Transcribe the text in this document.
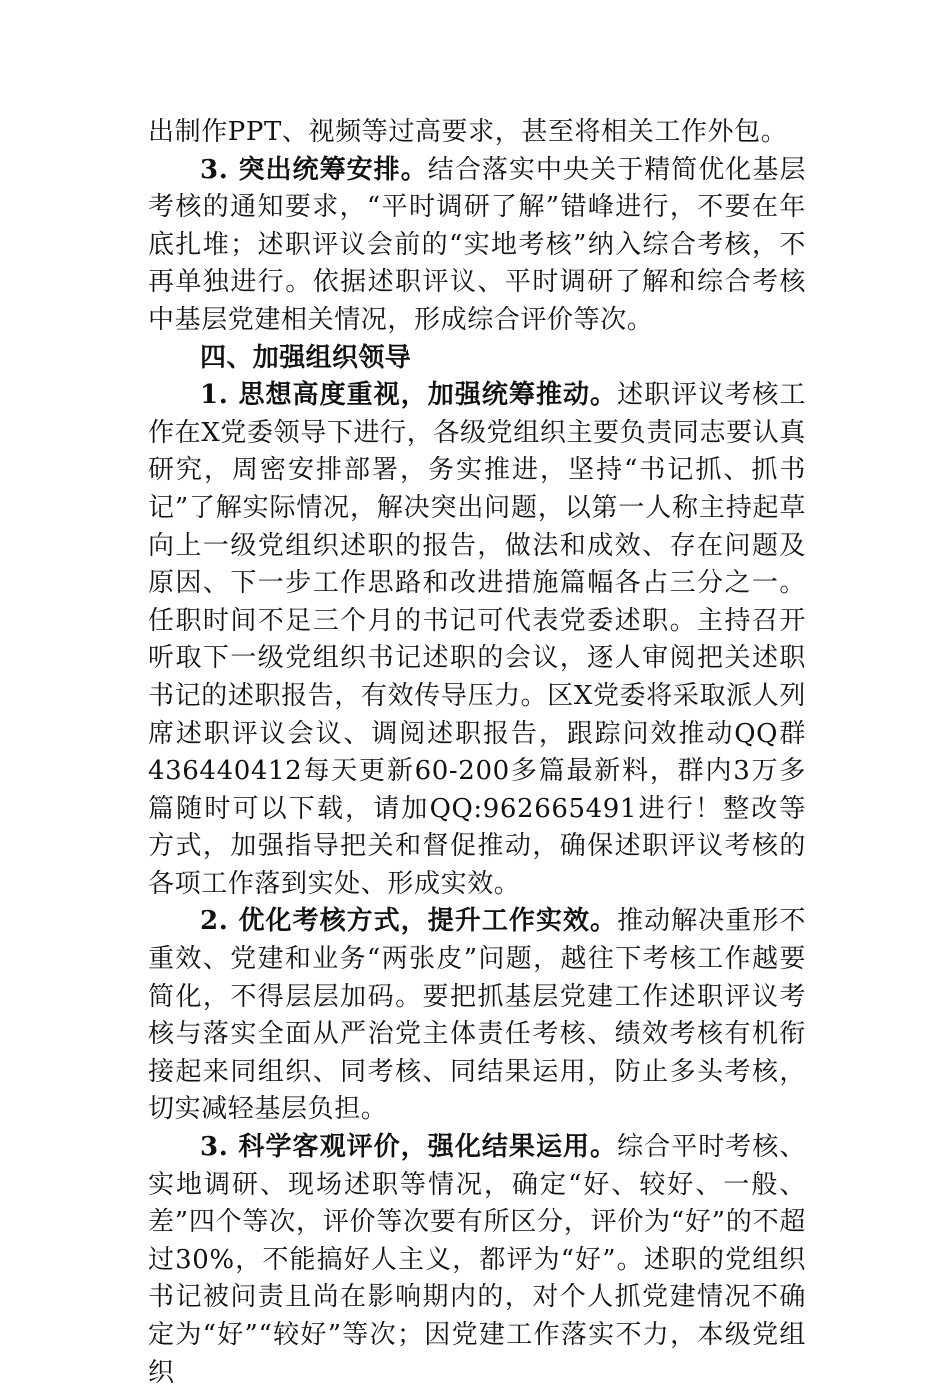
出制作PPT、视频等过高要求，甚至将相关工作外包。

3. 突出统筹安排。结合落实中央关于精简优化基层考核的通知要求，“平时调研了解”错峰进行，不要在年底扎堆；述职评议会前的“实地考核”纳入综合考核，不再单独进行。依据述职评议、平时调研了解和综合考核中基层党建相关情况，形成综合评价等次。

四、加强组织领导

1. 思想高度重视，加强统筹推动。述职评议考核工作在X党委领导下进行，各级党组织主要负责同志要认真研究，周密安排部署，务实推进，坚持“书记抓、抓书记”了解实际情况，解决突出问题，以第一人称主持起草向上一级党组织述职的报告，做法和成效、存在问题及原因、下一步工作思路和改进措施篇幅各占三分之一。任职时间不足三个月的书记可代表党委述职。主持召开听取下一级党组织书记述职的会议，逐人审阅把关述职书记的述职报告，有效传导压力。区X党委将采取派人列席述职评议会议、调阅述职报告，跟踪问效推动QQ群436440412每天更新60-200多篇最新料，群内3万多篇随时可以下载，请加QQ:962665491进行！整改等方式，加强指导把关和督促推动，确保述职评议考核的各项工作落到实处、形成实效。

2. 优化考核方式，提升工作实效。推动解决重形不重效、党建和业务“两张皮”问题，越往下考核工作越要简化，不得层层加码。要把抓基层党建工作述职评议考核与落实全面从严治党主体责任考核、绩效考核有机衔接起来同组织、同考核、同结果运用，防止多头考核，切实减轻基层负担。

3. 科学客观评价，强化结果运用。综合平时考核、实地调研、现场述职等情况，确定“好、较好、一般、差”四个等次，评价等次要有所区分，评价为“好”的不超过30%，不能搞好人主义，都评为“好”。述职的党组织书记被问责且尚在影响期内的，对个人抓党建情况不确定为“好”“较好”等次；因党建工作落实不力，本级党组织
